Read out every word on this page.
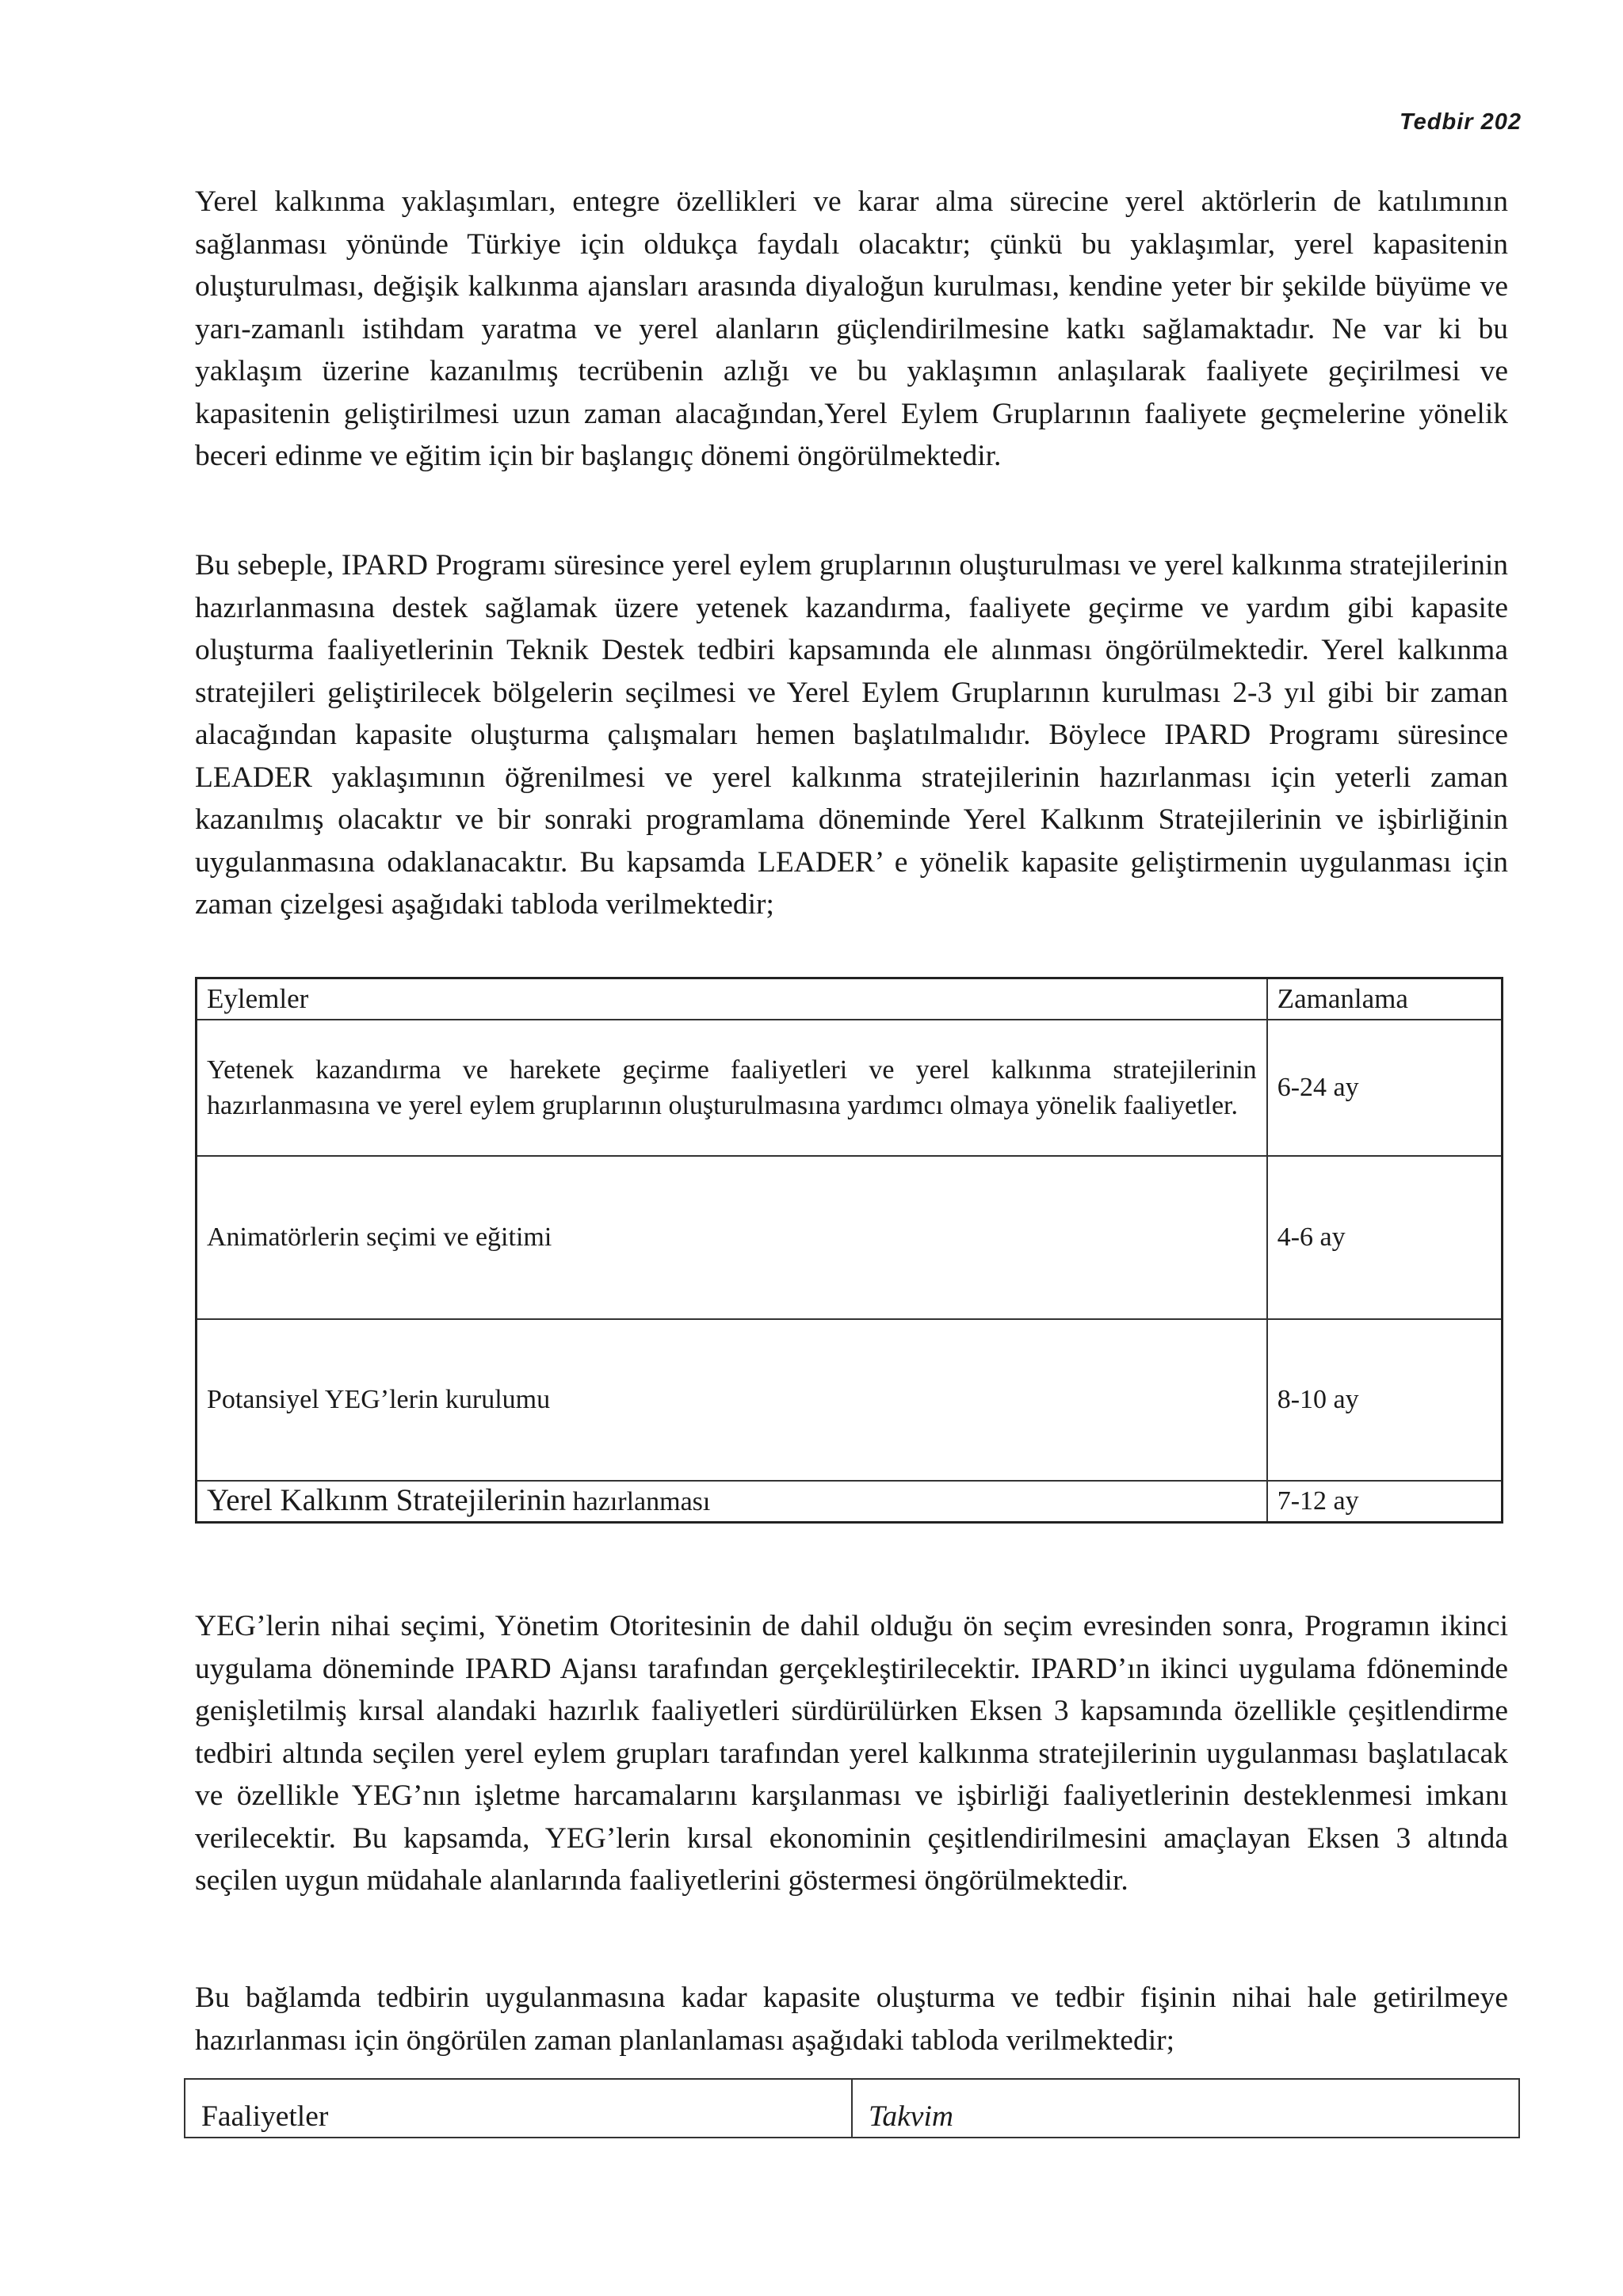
Tedbir 202

Yerel kalkınma yaklaşımları, entegre özellikleri ve karar alma sürecine yerel aktörlerin de katılımının sağlanması yönünde Türkiye için oldukça faydalı olacaktır; çünkü bu yaklaşımlar, yerel kapasitenin oluşturulması, değişik kalkınma ajansları arasında diyaloğun kurulması, kendine yeter bir şekilde büyüme ve yarı-zamanlı istihdam yaratma ve yerel alanların güçlendirilmesine katkı sağlamaktadır. Ne var ki bu yaklaşım üzerine kazanılmış tecrübenin azlığı ve bu yaklaşımın anlaşılarak faaliyete geçirilmesi ve kapasitenin geliştirilmesi uzun zaman alacağından,Yerel Eylem Gruplarının faaliyete geçmelerine yönelik beceri edinme ve eğitim için bir başlangıç dönemi öngörülmektedir.

Bu sebeple, IPARD Programı süresince yerel eylem gruplarının oluşturulması ve yerel kalkınma stratejilerinin hazırlanmasına destek sağlamak üzere yetenek kazandırma, faaliyete geçirme ve yardım gibi kapasite oluşturma faaliyetlerinin Teknik Destek tedbiri kapsamında ele alınması öngörülmektedir. Yerel kalkınma stratejileri geliştirilecek bölgelerin seçilmesi ve Yerel Eylem Gruplarının kurulması 2-3 yıl gibi bir zaman alacağından kapasite oluşturma çalışmaları hemen başlatılmalıdır. Böylece IPARD Programı süresince LEADER yaklaşımının öğrenilmesi ve yerel kalkınma stratejilerinin hazırlanması için yeterli zaman kazanılmış olacaktır ve bir sonraki programlama döneminde Yerel Kalkınm Stratejilerinin ve işbirliğinin uygulanmasına odaklanacaktır. Bu kapsamda LEADER’ e yönelik kapasite geliştirmenin uygulanması için zaman çizelgesi aşağıdaki tabloda verilmektedir;

Eylemler	Zamanlama
Yetenek kazandırma ve harekete geçirme faaliyetleri ve yerel kalkınma stratejilerinin hazırlanmasına ve yerel eylem gruplarının oluşturulmasına yardımcı olmaya yönelik faaliyetler.	6-24 ay
Animatörlerin seçimi ve eğitimi	4-6 ay
Potansiyel YEG’lerin kurulumu	8-10 ay
Yerel Kalkınm Stratejilerinin hazırlanması	7-12 ay

YEG’lerin nihai seçimi, Yönetim Otoritesinin de dahil olduğu ön seçim evresinden sonra, Programın ikinci uygulama döneminde IPARD Ajansı tarafından gerçekleştirilecektir. IPARD’ın ikinci uygulama fdöneminde genişletilmiş kırsal alandaki hazırlık faaliyetleri sürdürülürken Eksen 3 kapsamında özellikle çeşitlendirme tedbiri altında seçilen yerel eylem grupları tarafından yerel kalkınma stratejilerinin uygulanması başlatılacak ve özellikle YEG’nın işletme harcamalarını karşılanması ve işbirliği faaliyetlerinin desteklenmesi imkanı verilecektir. Bu kapsamda, YEG’lerin kırsal ekonominin çeşitlendirilmesini amaçlayan Eksen 3 altında seçilen uygun müdahale alanlarında faaliyetlerini göstermesi öngörülmektedir.

Bu bağlamda tedbirin uygulanmasına kadar kapasite oluşturma ve tedbir fişinin nihai hale getirilmeye hazırlanması için öngörülen zaman planlanlaması aşağıdaki tabloda verilmektedir;

Faaliyetler	Takvim
